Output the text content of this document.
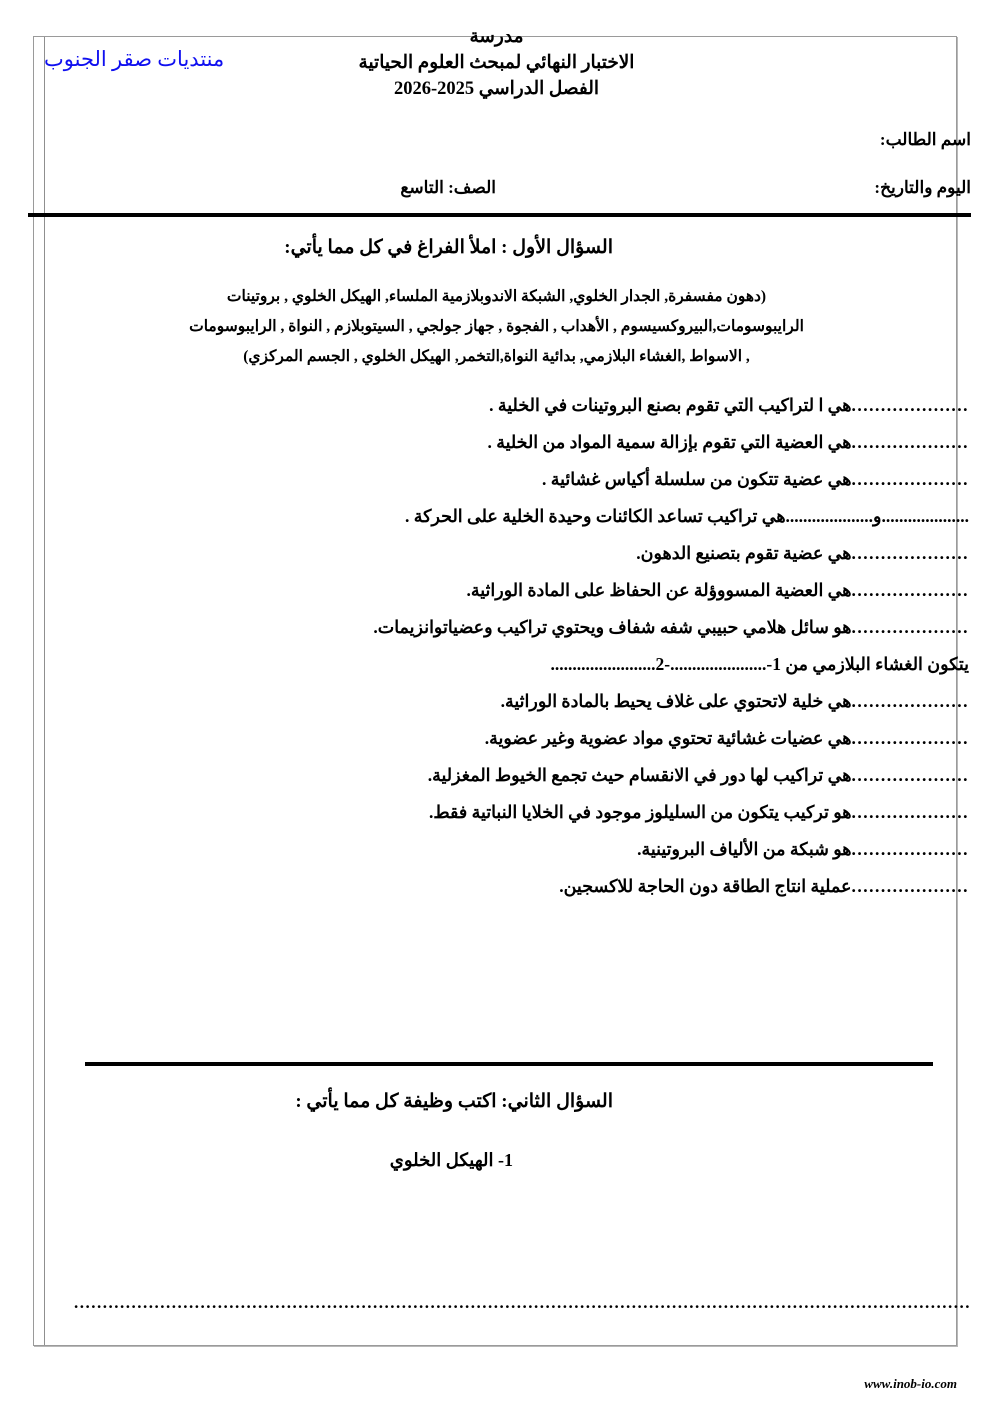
منتديات صقر الجنوب
مدرسة
الاختبار النهائي لمبحث العلوم الحياتية
الفصل الدراسي 2025-2026
اسم الطالب:
اليوم والتاريخ:
الصف: التاسع
السؤال الأول : املأ الفراغ في كل مما يأتي:
(دهون مفسفرة, الجدار الخلوي, الشبكة الاندوبلازمية الملساء, الهيكل الخلوي , بروتينات
الرايبوسومات,البيروكسيسوم , الأهداب , الفجوة , جهاز جولجي , السيتوبلازم , النواة , الرايبوسومات
, الاسواط ,الغشاء البلازمي, بدائية النواة,التخمر, الهيكل الخلوي , الجسم المركزي)
....................
هي ا لتراكيب التي تقوم بصنع البروتينات في الخلية .
....................
هي العضية التي تقوم بإزالة سمية المواد من الخلية .
....................
هي عضية تتكون من سلسلة أكياس غشائية .
....................و....................
هي تراكيب تساعد الكائنات وحيدة الخلية على الحركة .
....................
هي عضية تقوم بتصنيع الدهون.
....................
هي العضية المسووؤلة عن الحفاظ على المادة الوراثية.
....................
هو سائل هلامي حبيبي شفه شفاف ويحتوي تراكيب وعضياتوانزيمات.
يتكون الغشاء البلازمي من 1-......................-2........................
....................
هي خلية لاتحتوي على غلاف يحيط بالمادة الوراثية.
....................
هي عضيات غشائية تحتوي مواد عضوية وغير عضوية.
....................
هي تراكيب لها دور في الانقسام حيث تجمع الخيوط المغزلية.
....................
هو تركيب يتكون من السليلوز موجود في الخلايا النباتية فقط.
....................
هو شبكة من الألياف البروتينية.
....................
عملية انتاج الطاقة دون الحاجة للاكسجين.
السؤال الثاني: اكتب وظيفة كل مما يأتي :
1- الهيكل الخلوي
............................................................................................................................................................
www.inob-io.com
